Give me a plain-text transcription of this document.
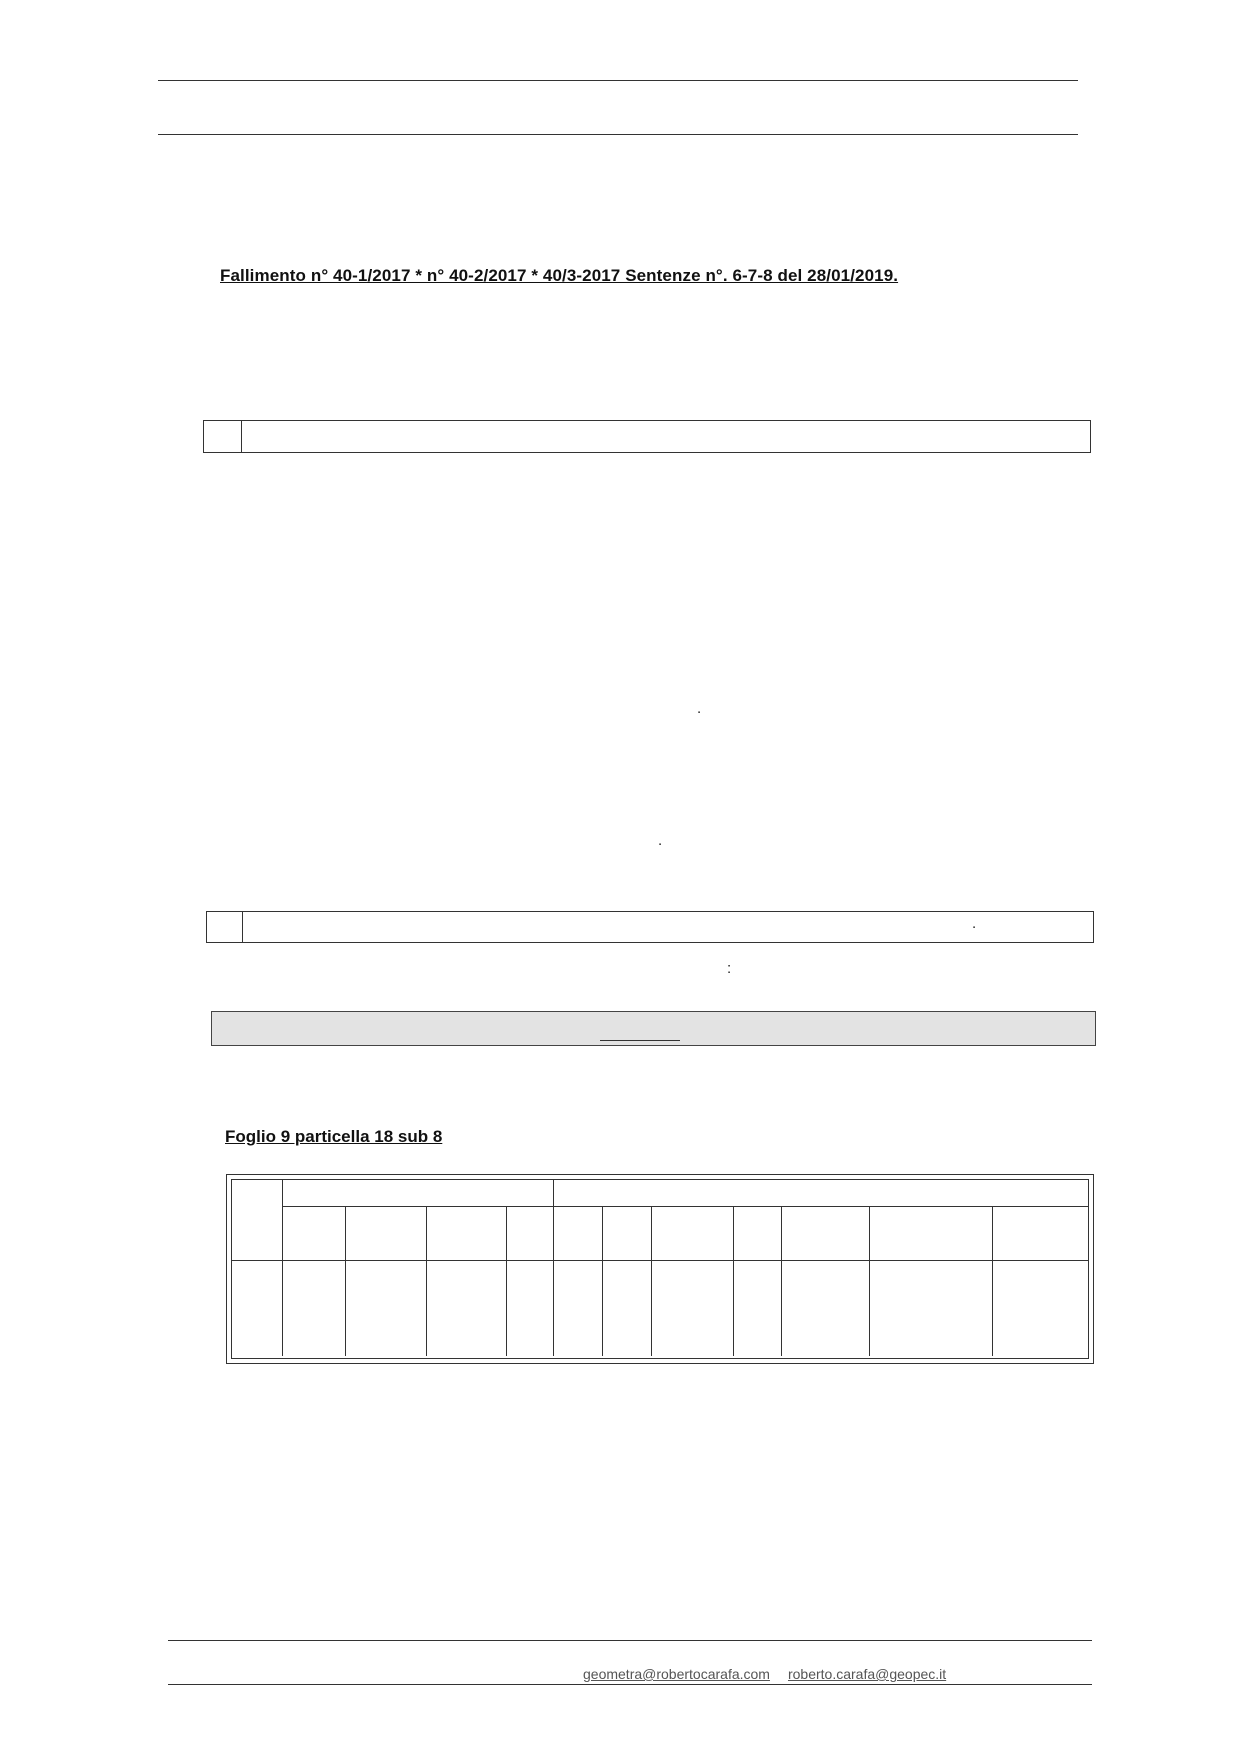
Fallimento n° 40-1/2017 * n° 40-2/2017 * 40/3-2017 Sentenze n°. 6-7-8 del 28/01/2019.
.
.
.
:
Foglio 9 particella 18 sub 8
geometra@robertocarafa.com roberto.carafa@geopec.it
